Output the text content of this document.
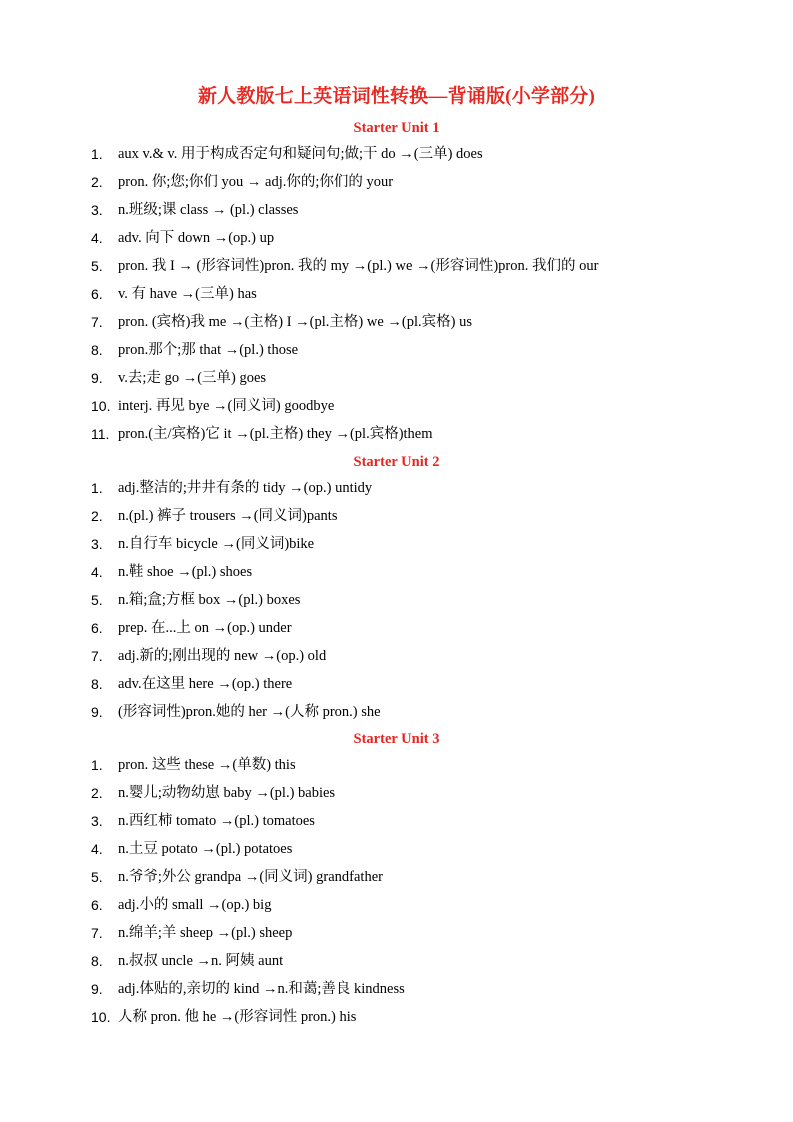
新人教版七上英语词性转换—背诵版(小学部分)
Starter Unit 1
1. aux v.& v. 用于构成否定句和疑问句;做;干 do →(三单) does
2. pron. 你;您;你们 you → adj.你的;你们的 your
3. n.班级;课 class → (pl.) classes
4. adv. 向下 down →(op.) up
5. pron. 我 I → (形容词性)pron. 我的 my →(pl.) we →(形容词性)pron. 我们的 our
6. v. 有 have →(三单) has
7. pron. (宾格)我 me →(主格) I →(pl.主格) we →(pl.宾格) us
8. pron.那个;那 that →(pl.) those
9. v.去;走 go →(三单) goes
10. interj. 再见 bye →(同义词) goodbye
11. pron.(主/宾格)它 it →(pl.主格) they →(pl.宾格)them
Starter Unit 2
1. adj.整洁的;井井有条的 tidy →(op.) untidy
2. n.(pl.) 裤子 trousers →(同义词)pants
3. n.自行车 bicycle →(同义词)bike
4. n.鞋 shoe →(pl.) shoes
5. n.箱;盒;方框 box →(pl.) boxes
6. prep. 在...上 on →(op.) under
7. adj.新的;刚出现的 new →(op.) old
8. adv.在这里 here →(op.) there
9. (形容词性)pron.她的 her →(人称 pron.) she
Starter Unit 3
1. pron. 这些 these →(单数) this
2. n.婴儿;动物幼崽 baby →(pl.) babies
3. n.西红柿 tomato →(pl.) tomatoes
4. n.土豆 potato →(pl.) potatoes
5. n.爷爷;外公 grandpa →(同义词) grandfather
6. adj.小的 small →(op.) big
7. n.绵羊;羊 sheep →(pl.) sheep
8. n.叔叔 uncle →n. 阿姨 aunt
9. adj.体贴的,亲切的 kind →n.和蔼;善良 kindness
10. 人称 pron. 他 he →(形容词性 pron.) his
